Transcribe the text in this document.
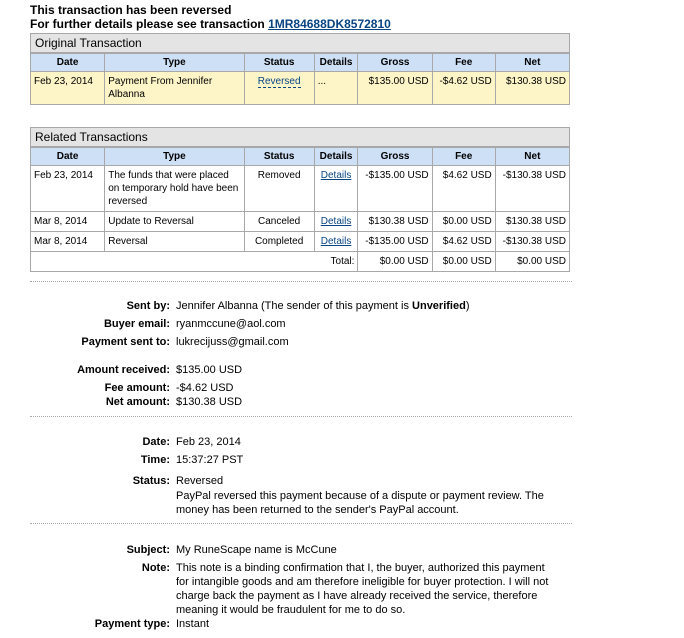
This transaction has been reversed
For further details please see transaction 1MR84688DK8572810
Original Transaction
Date	Type	Status	Details	Gross	Fee	Net
Feb 23, 2014	Payment From Jennifer Albanna	Reversed	...	$135.00 USD	-$4.62 USD	$130.38 USD
Related Transactions
Date	Type	Status	Details	Gross	Fee	Net
Feb 23, 2014	The funds that were placed on temporary hold have been reversed	Removed	Details	-$135.00 USD	$4.62 USD	-$130.38 USD
Mar 8, 2014	Update to Reversal	Canceled	Details	$130.38 USD	$0.00 USD	$130.38 USD
Mar 8, 2014	Reversal	Completed	Details	-$135.00 USD	$4.62 USD	-$130.38 USD
Total:				$0.00 USD	$0.00 USD	$0.00 USD
Sent by: Jennifer Albanna (The sender of this payment is Unverified)
Buyer email: ryanmccune@aol.com
Payment sent to: lukrecijuss@gmail.com
Amount received: $135.00 USD
Fee amount: -$4.62 USD
Net amount: $130.38 USD
Date: Feb 23, 2014
Time: 15:37:27 PST
Status: Reversed
PayPal reversed this payment because of a dispute or payment review. The money has been returned to the sender's PayPal account.
Subject: My RuneScape name is McCune
Note: This note is a binding confirmation that I, the buyer, authorized this payment for intangible goods and am therefore ineligible for buyer protection. I will not charge back the payment as I have already received the service, therefore meaning it would be fraudulent for me to do so.
Payment type: Instant
